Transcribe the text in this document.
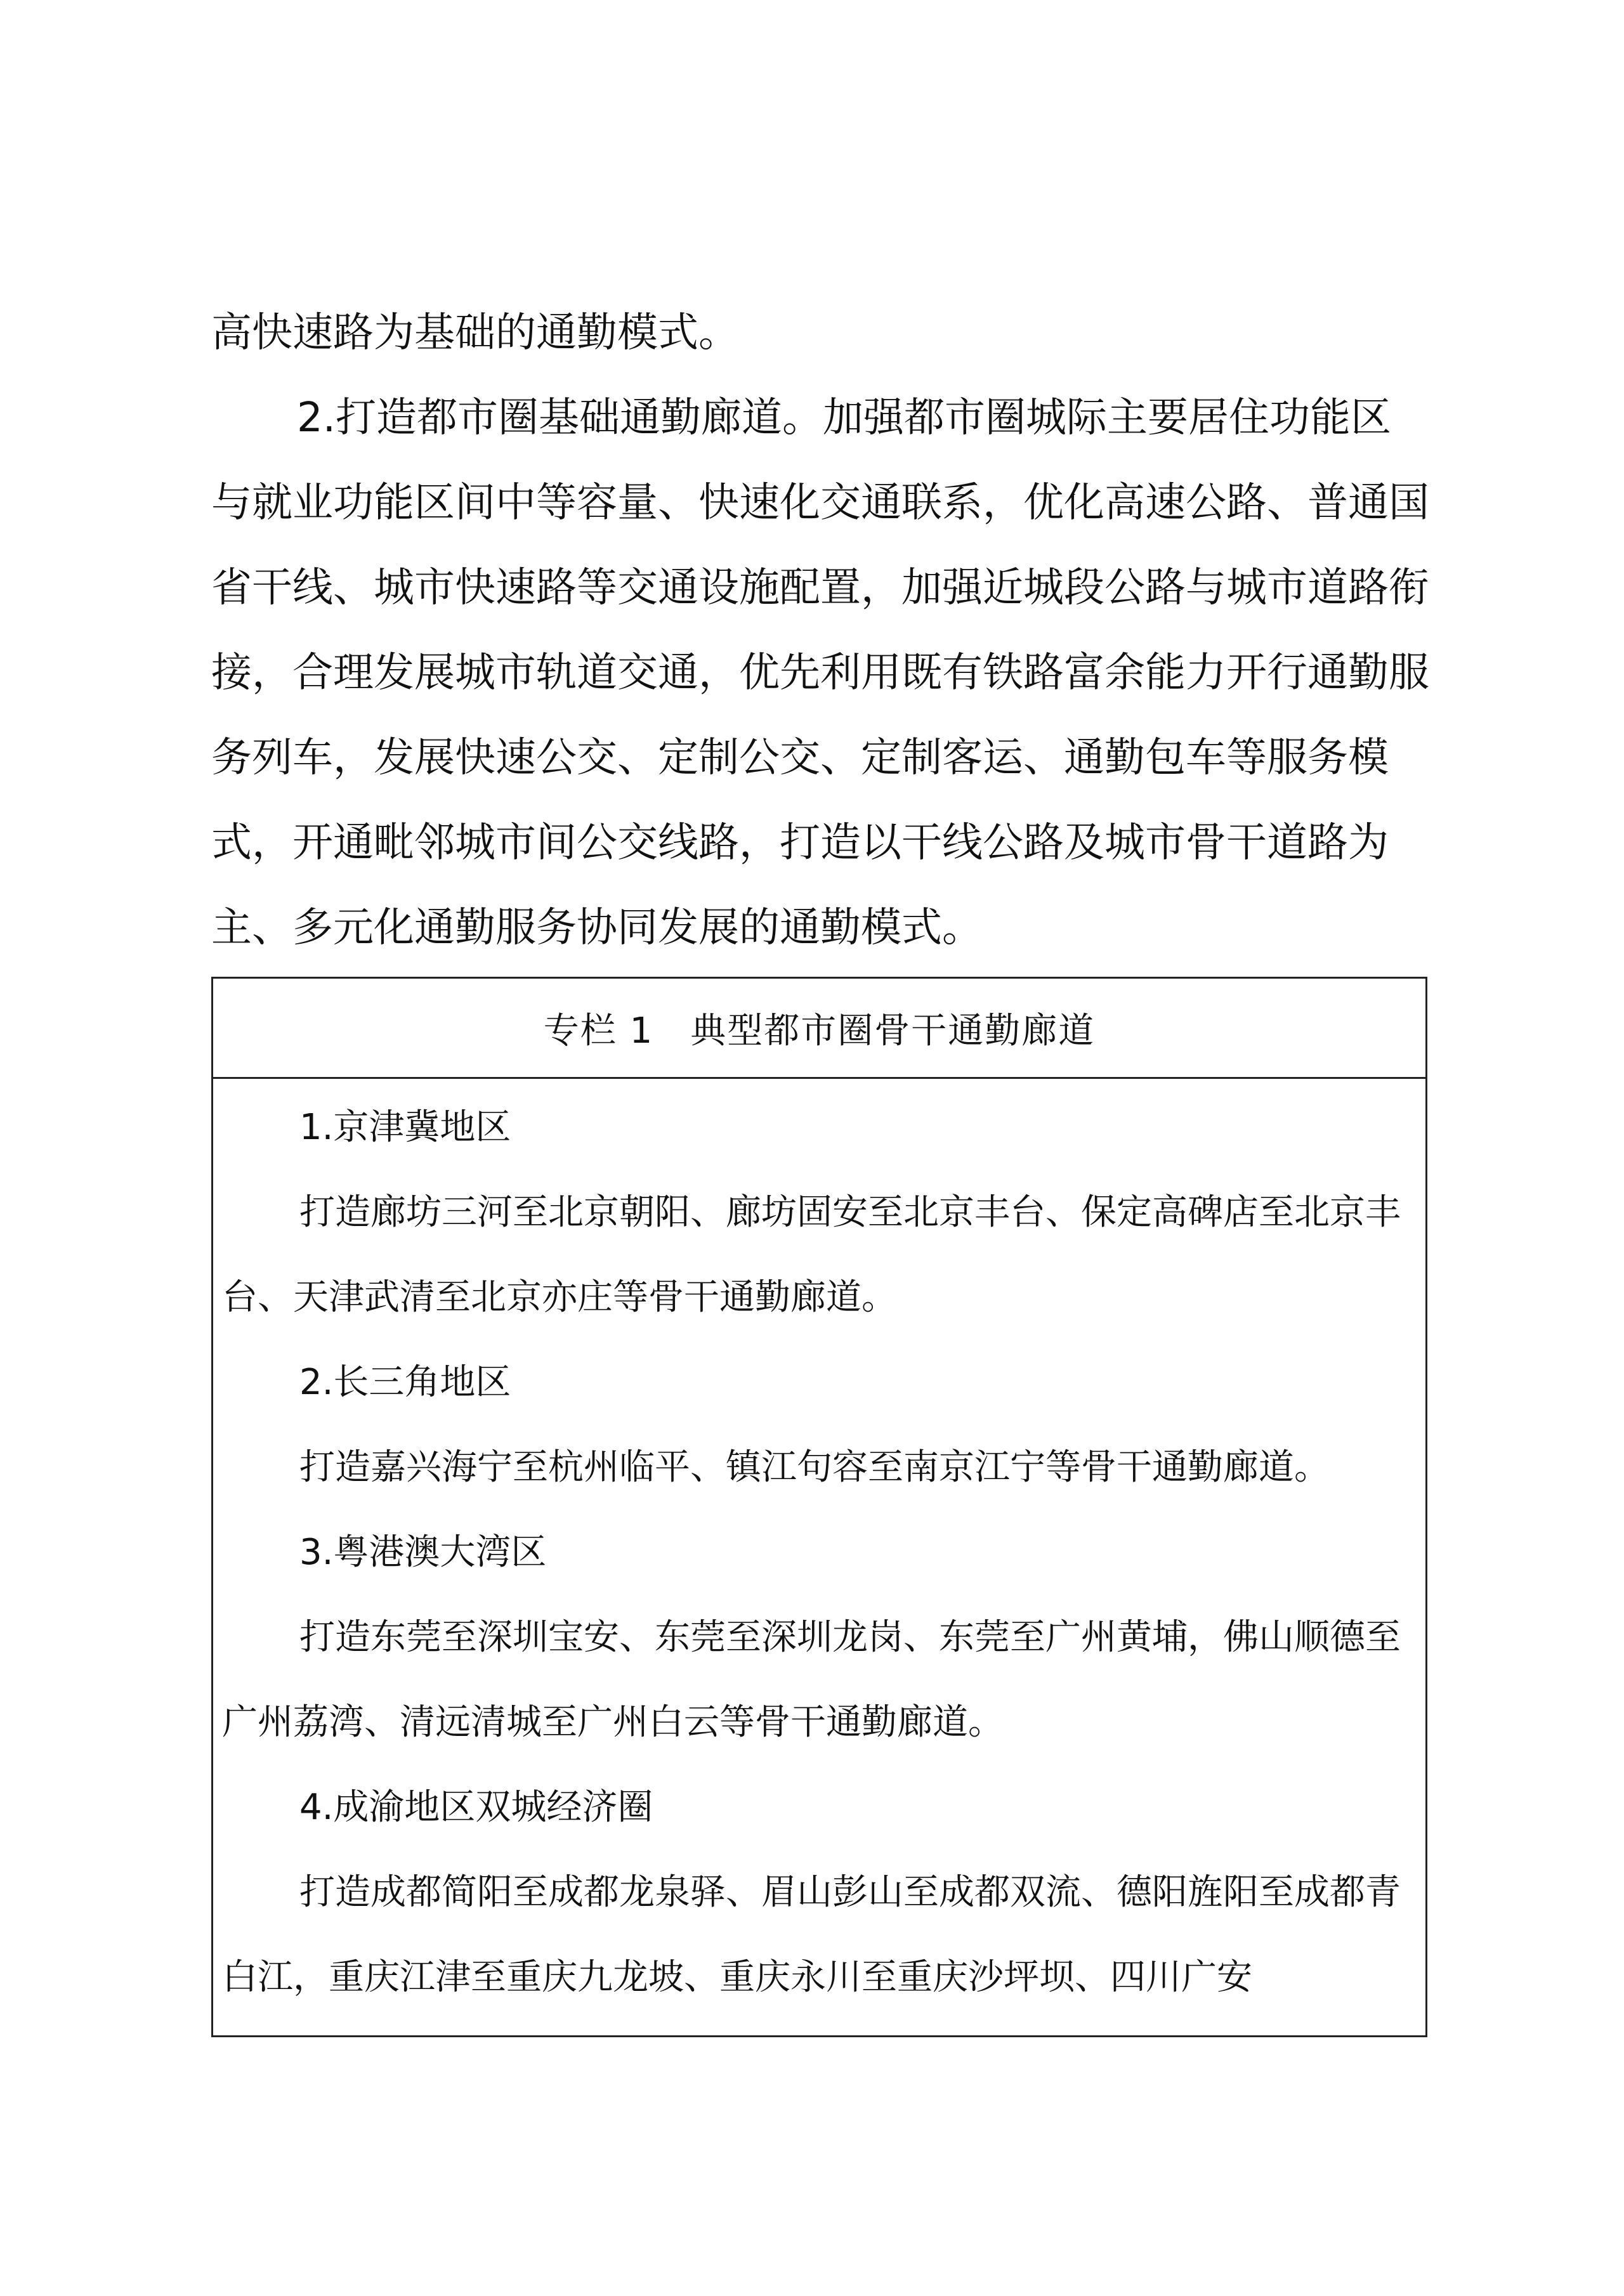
高快速路为基础的通勤模式。

2.打造都市圈基础通勤廊道。加强都市圈城际主要居住功能区与就业功能区间中等容量、快速化交通联系，优化高速公路、普通国省干线、城市快速路等交通设施配置，加强近城段公路与城市道路衔接，合理发展城市轨道交通，优先利用既有铁路富余能力开行通勤服务列车，发展快速公交、定制公交、定制客运、通勤包车等服务模式，开通毗邻城市间公交线路，打造以干线公路及城市骨干道路为主、多元化通勤服务协同发展的通勤模式。

专栏 1　典型都市圈骨干通勤廊道

1.京津冀地区

打造廊坊三河至北京朝阳、廊坊固安至北京丰台、保定高碑店至北京丰台、天津武清至北京亦庄等骨干通勤廊道。

2.长三角地区

打造嘉兴海宁至杭州临平、镇江句容至南京江宁等骨干通勤廊道。

3.粤港澳大湾区

打造东莞至深圳宝安、东莞至深圳龙岗、东莞至广州黄埔，佛山顺德至广州荔湾、清远清城至广州白云等骨干通勤廊道。

4.成渝地区双城经济圈

打造成都简阳至成都龙泉驿、眉山彭山至成都双流、德阳旌阳至成都青白江，重庆江津至重庆九龙坡、重庆永川至重庆沙坪坝、四川广安
